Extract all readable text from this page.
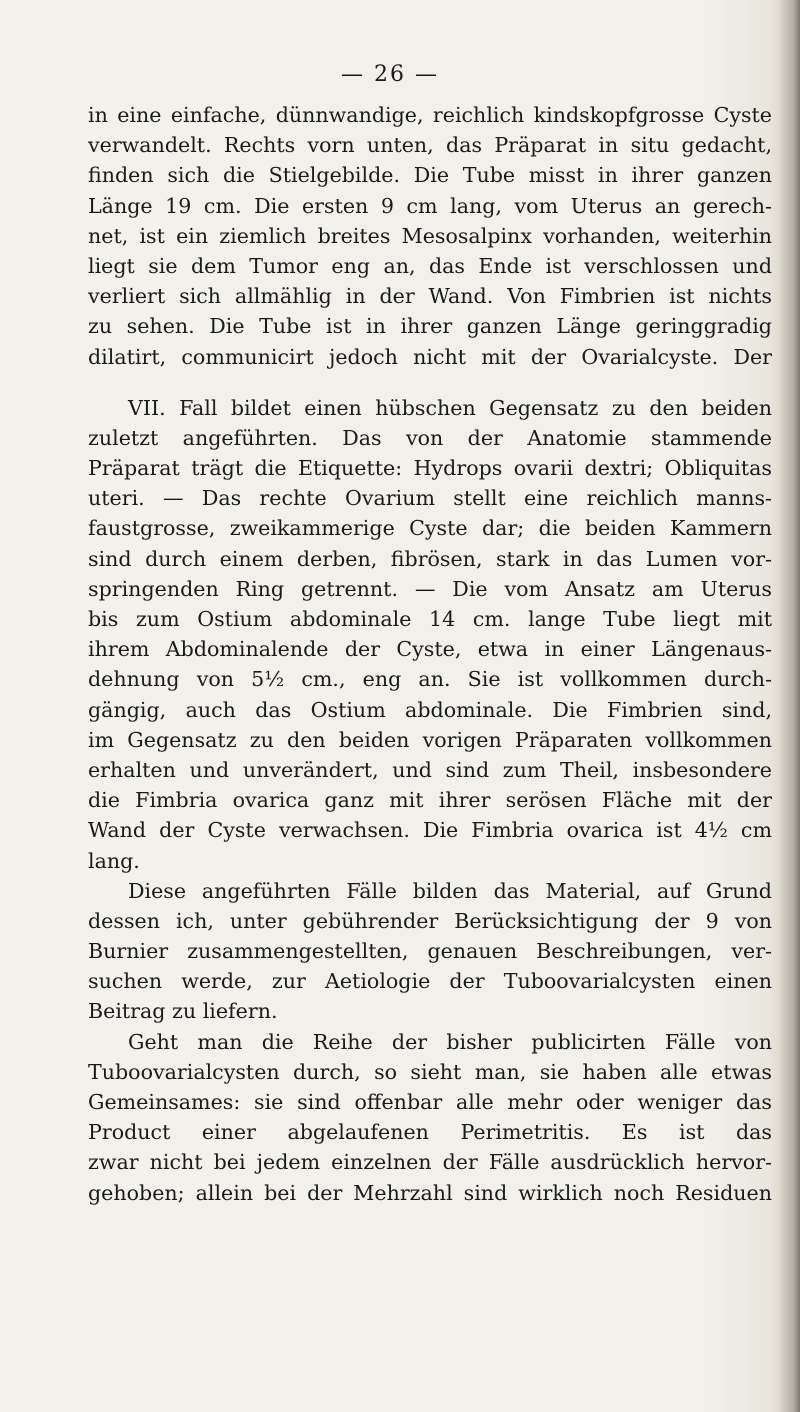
— 26 —
in eine einfache, dünnwandige, reichlich kindskopfgrosse Cyste
verwandelt. Rechts vorn unten, das Präparat in situ gedacht,
finden sich die Stielgebilde. Die Tube misst in ihrer ganzen
Länge 19 cm. Die ersten 9 cm lang, vom Uterus an gerech-
net, ist ein ziemlich breites Mesosalpinx vorhanden, weiterhin
liegt sie dem Tumor eng an, das Ende ist verschlossen und
verliert sich allmählig in der Wand. Von Fimbrien ist nichts
zu sehen. Die Tube ist in ihrer ganzen Länge geringgradig
dilatirt, communicirt jedoch nicht mit der Ovarialcyste. Der
VII. Fall bildet einen hübschen Gegensatz zu den beiden
zuletzt angeführten. Das von der Anatomie stammende
Präparat trägt die Etiquette: Hydrops ovarii dextri; Obliquitas
uteri. — Das rechte Ovarium stellt eine reichlich manns-
faustgrosse, zweikammerige Cyste dar; die beiden Kammern
sind durch einem derben, fibrösen, stark in das Lumen vor-
springenden Ring getrennt. — Die vom Ansatz am Uterus
bis zum Ostium abdominale 14 cm. lange Tube liegt mit
ihrem Abdominalende der Cyste, etwa in einer Längenaus-
dehnung von 5½ cm., eng an. Sie ist vollkommen durch-
gängig, auch das Ostium abdominale. Die Fimbrien sind,
im Gegensatz zu den beiden vorigen Präparaten vollkommen
erhalten und unverändert, und sind zum Theil, insbesondere
die Fimbria ovarica ganz mit ihrer serösen Fläche mit der
Wand der Cyste verwachsen. Die Fimbria ovarica ist 4½ cm
lang.
Diese angeführten Fälle bilden das Material, auf Grund
dessen ich, unter gebührender Berücksichtigung der 9 von
Burnier zusammengestellten, genauen Beschreibungen, ver-
suchen werde, zur Aetiologie der Tuboovarialcysten einen
Beitrag zu liefern.
Geht man die Reihe der bisher publicirten Fälle von
Tuboovarialcysten durch, so sieht man, sie haben alle etwas
Gemeinsames: sie sind offenbar alle mehr oder weniger das
Product einer abgelaufenen Perimetritis. Es ist das
zwar nicht bei jedem einzelnen der Fälle ausdrücklich hervor-
gehoben; allein bei der Mehrzahl sind wirklich noch Residuen
